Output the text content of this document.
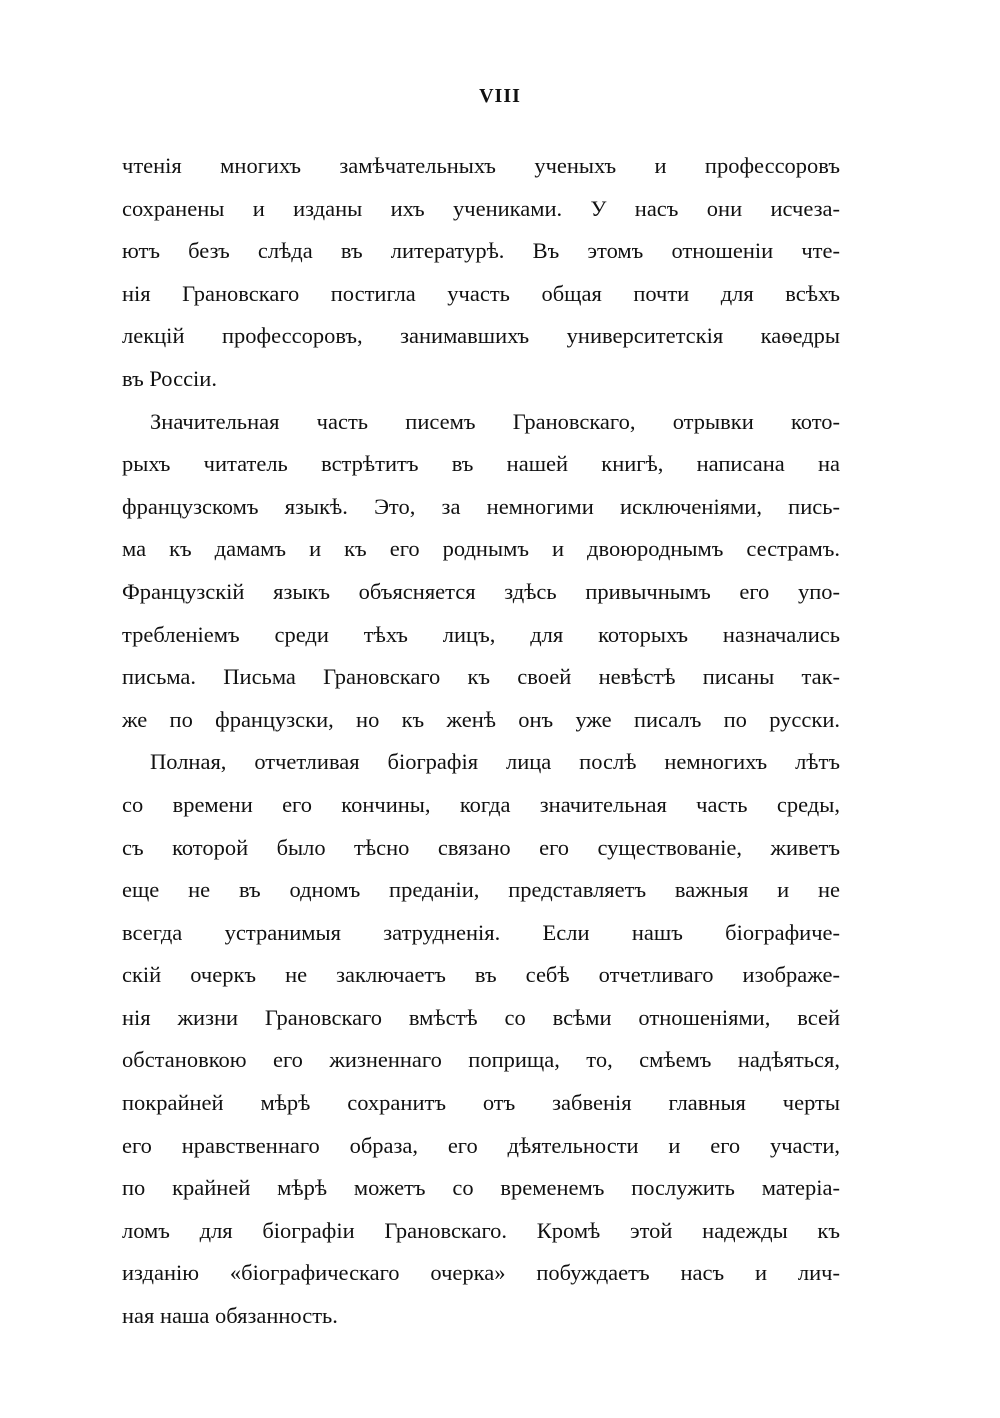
VIII
чтенія многихъ замѣчательныхъ ученыхъ и профессоровъ
сохранены и изданы ихъ учениками. У насъ они исчеза-
ютъ безъ слѣда въ литературѣ. Въ этомъ отношеніи чте-
нія Грановскаго постигла участь общая почти для всѣхъ
лекцій профессоровъ, занимавшихъ университетскія каѳедры
въ Россіи.
Значительная часть писемъ Грановскаго, отрывки кото-
рыхъ читатель встрѣтитъ въ нашей книгѣ, написана на
французскомъ языкѣ. Это, за немногими исключеніями, пись-
ма къ дамамъ и къ его роднымъ и двоюроднымъ сестрамъ.
Французскій языкъ объясняется здѣсь привычнымъ его упо-
требленіемъ среди тѣхъ лицъ, для которыхъ назначались
письма. Письма Грановскаго къ своей невѣстѣ писаны так-
же по французски, но къ женѣ онъ уже писалъ по русски.
Полная, отчетливая біографія лица послѣ немногихъ лѣтъ
со времени его кончины, когда значительная часть среды,
съ которой было тѣсно связано его существованіе, живетъ
еще не въ одномъ преданіи, представляетъ важныя и не
всегда устранимыя затрудненія. Если нашъ біографиче-
скій очеркъ не заключаетъ въ себѣ отчетливаго изображе-
нія жизни Грановскаго вмѣстѣ со всѣми отношеніями, всей
обстановкою его жизненнаго поприща, то, смѣемъ надѣяться,
покрайней мѣрѣ сохранитъ отъ забвенія главныя черты
его нравственнаго образа, его дѣятельности и его участи,
по крайней мѣрѣ можетъ со временемъ послужить матеріа-
ломъ для біографіи Грановскаго. Кромѣ этой надежды къ
изданію «біографическаго очерка» побуждаетъ насъ и лич-
ная наша обязанность.
